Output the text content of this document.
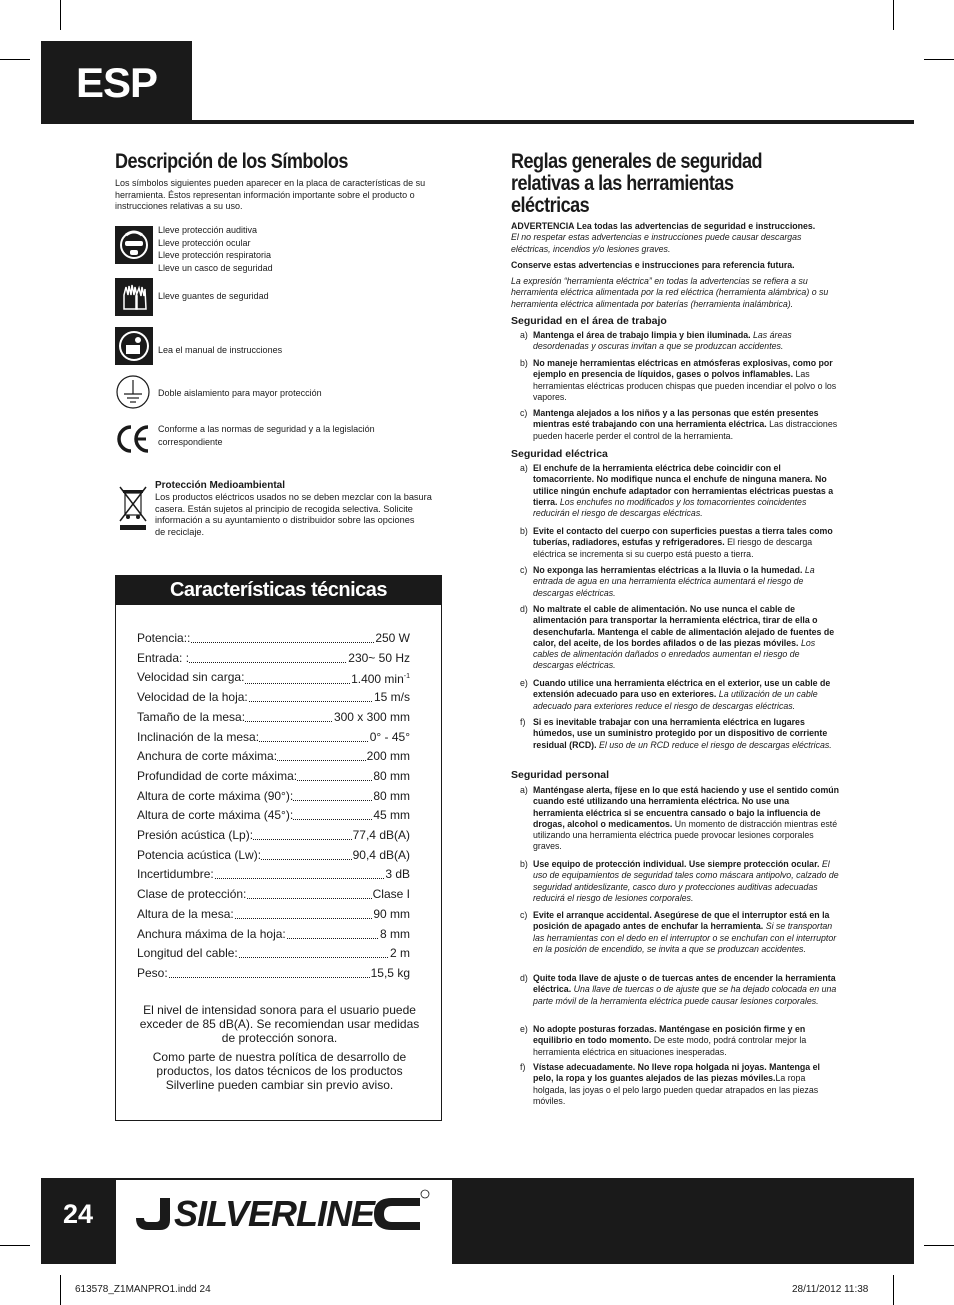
ESP
Descripción de los Símbolos
Los símbolos siguientes pueden aparecer en la placa de características de su herramienta. Éstos representan información importante sobre el producto o instrucciones relativas a su uso.
Lleve protección auditiva
Lleve protección ocular
Lleve protección respiratoria
Lleve un casco de seguridad
Lleve guantes de seguridad
Lea el manual de instrucciones
Doble aislamiento para mayor protección
Conforme a las normas de seguridad y a la legislación
correspondiente
Protección Medioambiental
Los productos eléctricos usados no se deben mezclar con la basura
casera. Están sujetos al principio de recogida selectiva. Solicite
información a su ayuntamiento o distribuidor sobre las opciones
de reciclaje.
Características técnicas
Potencia::	250 W
Entrada: :	230~ 50 Hz
Velocidad sin carga:	1.400 $\min^{-1}$
Velocidad de la hoja:	15 m/s
Tamaño de la mesa:	300 x 300 mm
Inclinación de la mesa:	0° - 45°
Anchura de corte máxima:	200 mm
Profundidad de corte máxima:	80 mm
Altura de corte máxima (90°):	80 mm
Altura de corte máxima (45°):	45 mm
Presión acústica (Lp):	77,4 dB(A)
Potencia acústica (Lw):	90,4 dB(A)
Incertidumbre:	3 dB
Clase de protección:	Clase I
Altura de la mesa:	90 mm
Anchura máxima de la hoja:	8 mm
Longitud del cable:	2 m
Peso:	15,5 kg
El nivel de intensidad sonora para el usuario puede exceder de 85 dB(A). Se recomiendan usar medidas de protección sonora.
Como parte de nuestra política de desarrollo de productos, los datos técnicos de los productos Silverline pueden cambiar sin previo aviso.
Reglas generales de seguridad
relativas a las herramientas
eléctricas
ADVERTENCIA Lea todas las advertencias de seguridad e instrucciones.
El no respetar estas advertencias e instrucciones puede causar descargas eléctricas, incendios y/o lesiones graves.
Conserve estas advertencias e instrucciones para referencia futura.
La expresión “herramienta eléctrica” en todas la advertencias se refiera a su herramienta eléctrica alimentada por la red eléctrica (herramienta alámbrica) o su herramienta eléctrica alimentada por baterías (herramienta inalámbrica).
Seguridad en el área de trabajo
a) Mantenga el área de trabajo limpia y bien iluminada. Las áreas desordenadas y oscuras invitan a que se produzcan accidentes.
b) No maneje herramientas eléctricas en atmósferas explosivas, como por ejemplo en presencia de líquidos, gases o polvos inflamables. Las herramientas eléctricas producen chispas que pueden incendiar el polvo o los vapores.
c) Mantenga alejados a los niños y a las personas que estén presentes mientras esté trabajando con una herramienta eléctrica. Las distracciones pueden hacerle perder el control de la herramienta.
Seguridad eléctrica
a) El enchufe de la herramienta eléctrica debe coincidir con el tomacorriente. No modifique nunca el enchufe de ninguna manera. No utilice ningún enchufe adaptador con herramientas eléctricas puestas a tierra. Los enchufes no modificados y los tomacorrientes coincidentes reducirán el riesgo de descargas eléctricas.
b) Evite el contacto del cuerpo con superficies puestas a tierra tales como tuberías, radiadores, estufas y refrigeradores. El riesgo de descarga eléctrica se incrementa si su cuerpo está puesto a tierra.
c) No exponga las herramientas eléctricas a la lluvia o la humedad. La entrada de agua en una herramienta eléctrica aumentará el riesgo de descargas eléctricas.
d) No maltrate el cable de alimentación. No use nunca el cable de alimentación para transportar la herramienta eléctrica, tirar de ella o desenchufarla. Mantenga el cable de alimentación alejado de fuentes de calor, del aceite, de los bordes afilados o de las piezas móviles. Los cables de alimentación dañados o enredados aumentan el riesgo de descargas eléctricas.
e) Cuando utilice una herramienta eléctrica en el exterior, use un cable de extensión adecuado para uso en exteriores. La utilización de un cable adecuado para exteriores reduce el riesgo de descargas eléctricas.
f) Si es inevitable trabajar con una herramienta eléctrica en lugares húmedos, use un suministro protegido por un dispositivo de corriente residual (RCD). El uso de un RCD reduce el riesgo de descargas eléctricas.
Seguridad personal
a) Manténgase alerta, fíjese en lo que está haciendo y use el sentido común cuando esté utilizando una herramienta eléctrica. No use una herramienta eléctrica si se encuentra cansado o bajo la influencia de drogas, alcohol o medicamentos. Un momento de distracción mientras esté utilizando una herramienta eléctrica puede provocar lesiones corporales graves.
b) Use equipo de protección individual. Use siempre protección ocular. El uso de equipamientos de seguridad tales como máscara antipolvo, calzado de seguridad antideslizante, casco duro y protecciones auditivas adecuadas reducirá el riesgo de lesiones corporales.
c) Evite el arranque accidental. Asegúrese de que el interruptor está en la posición de apagado antes de enchufar la herramienta. Si se transportan las herramientas con el dedo en el interruptor o se enchufan con el interruptor en la posición de encendido, se invita a que se produzcan accidentes.
d) Quite toda llave de ajuste o de tuercas antes de encender la herramienta eléctrica. Una llave de tuercas o de ajuste que se ha dejado colocada en una parte móvil de la herramienta eléctrica puede causar lesiones corporales.
e) No adopte posturas forzadas. Manténgase en posición firme y en equilibrio en todo momento. De este modo, podrá controlar mejor la herramienta eléctrica en situaciones inesperadas.
f) Vístase adecuadamente. No lleve ropa holgada ni joyas. Mantenga el pelo, la ropa y los guantes alejados de las piezas móviles.La ropa holgada, las joyas o el pelo largo pueden quedar atrapados en las piezas móviles.
24	SILVERLINE
613578_Z1MANPRO1.indd 24	28/11/2012 11:38
